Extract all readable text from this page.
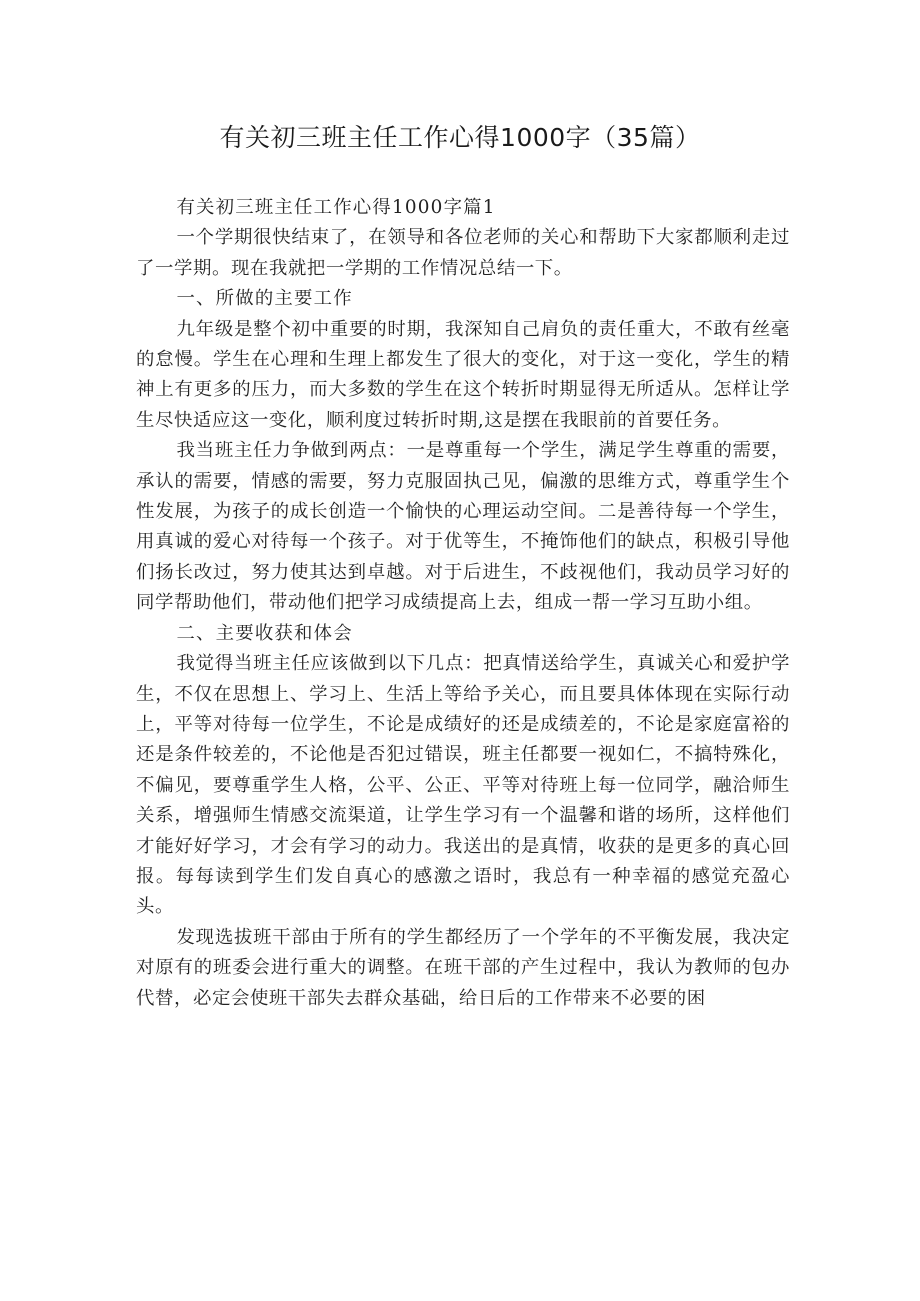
有关初三班主任工作心得1000字（35篇）

有关初三班主任工作心得1000字篇1

一个学期很快结束了，在领导和各位老师的关心和帮助下大家都顺利走过了一学期。现在我就把一学期的工作情况总结一下。

一、所做的主要工作

九年级是整个初中重要的时期，我深知自己肩负的责任重大，不敢有丝毫的怠慢。学生在心理和生理上都发生了很大的变化，对于这一变化，学生的精神上有更多的压力，而大多数的学生在这个转折时期显得无所适从。怎样让学生尽快适应这一变化，顺利度过转折时期,这是摆在我眼前的首要任务。

我当班主任力争做到两点：一是尊重每一个学生，满足学生尊重的需要，承认的需要，情感的需要，努力克服固执己见，偏激的思维方式，尊重学生个性发展，为孩子的成长创造一个愉快的心理运动空间。二是善待每一个学生，用真诚的爱心对待每一个孩子。对于优等生，不掩饰他们的缺点，积极引导他们扬长改过，努力使其达到卓越。对于后进生，不歧视他们，我动员学习好的同学帮助他们，带动他们把学习成绩提高上去，组成一帮一学习互助小组。

二、主要收获和体会

我觉得当班主任应该做到以下几点：把真情送给学生，真诚关心和爱护学生，不仅在思想上、学习上、生活上等给予关心，而且要具体体现在实际行动上，平等对待每一位学生，不论是成绩好的还是成绩差的，不论是家庭富裕的还是条件较差的，不论他是否犯过错误，班主任都要一视如仁，不搞特殊化，不偏见，要尊重学生人格，公平、公正、平等对待班上每一位同学，融洽师生关系，增强师生情感交流渠道，让学生学习有一个温馨和谐的场所，这样他们才能好好学习，才会有学习的动力。我送出的是真情，收获的是更多的真心回报。每每读到学生们发自真心的感激之语时，我总有一种幸福的感觉充盈心头。

发现选拔班干部由于所有的学生都经历了一个学年的不平衡发展，我决定对原有的班委会进行重大的调整。在班干部的产生过程中，我认为教师的包办代替，必定会使班干部失去群众基础，给日后的工作带来不必要的困
